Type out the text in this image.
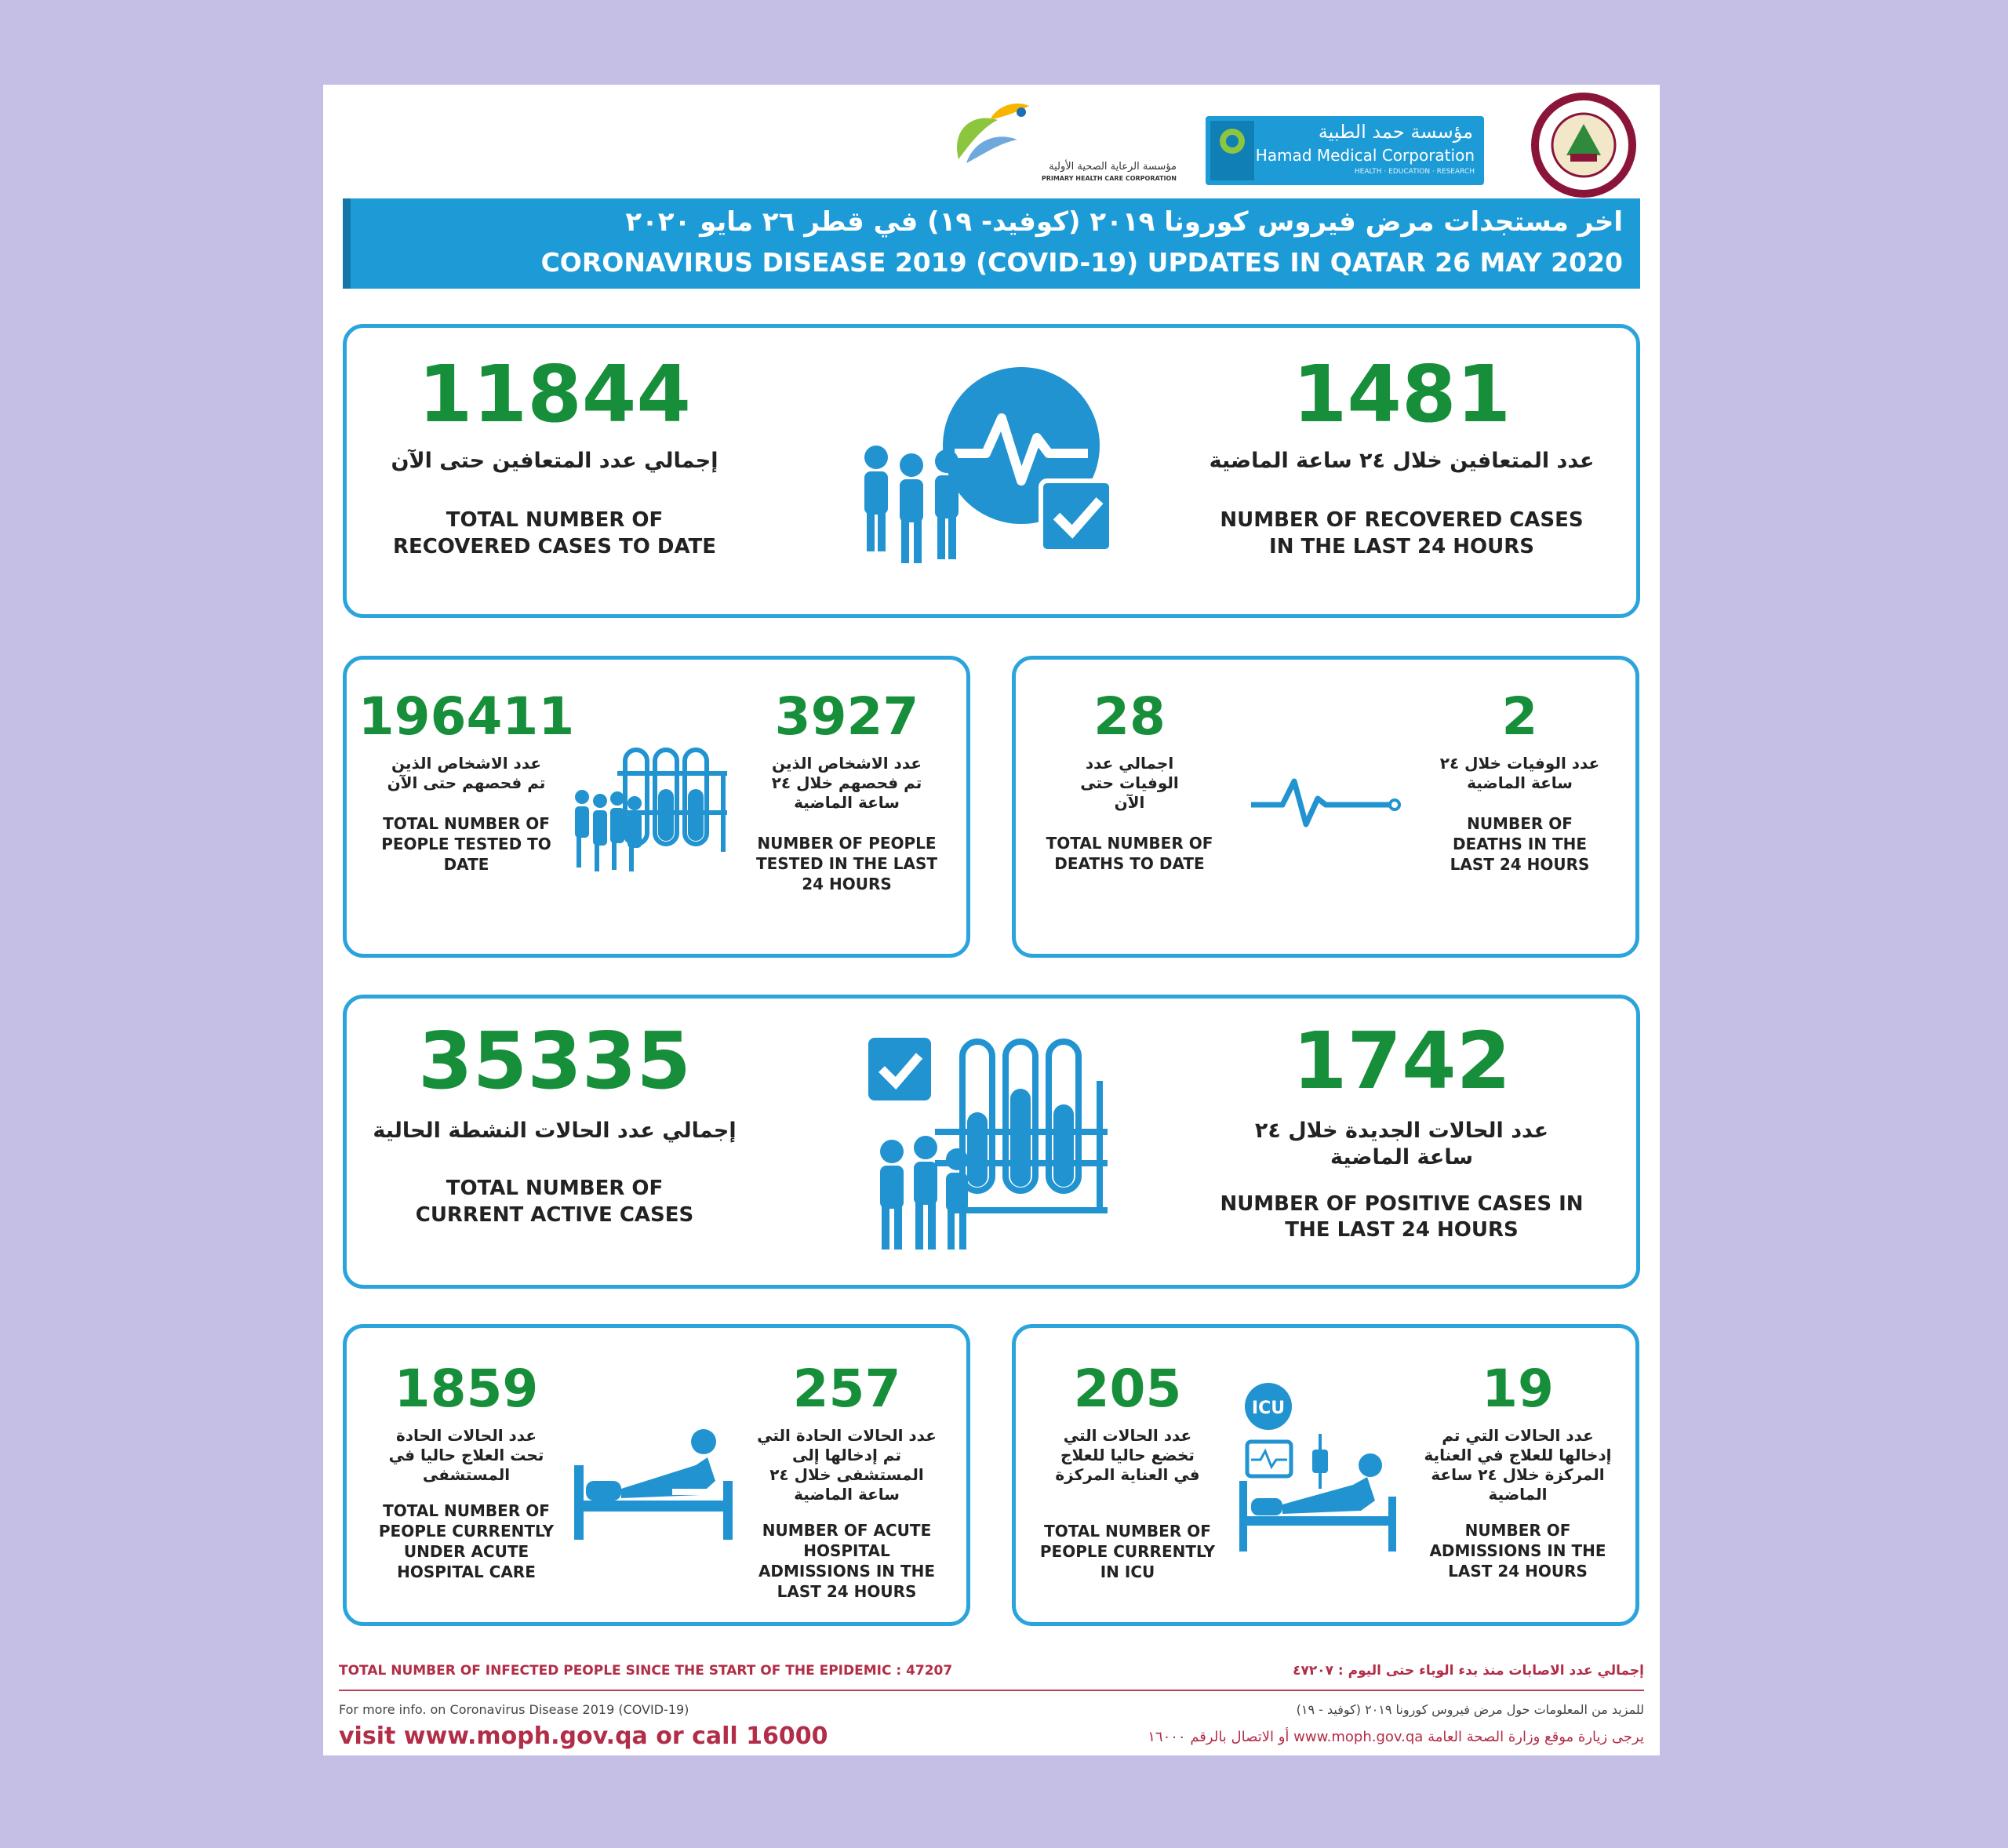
مؤسسة الرعاية الصحية الأولية
PRIMARY HEALTH CARE CORPORATION
مؤسسة حمد الطبية
Hamad Medical Corporation
HEALTH · EDUCATION · RESEARCH
اخر مستجدات مرض فيروس كورونا ٢٠١٩ (كوفيد- ١٩) في قطر ٢٦ مايو ٢٠٢٠
CORONAVIRUS DISEASE 2019 (COVID-19) UPDATES IN QATAR 26 MAY 2020
11844
إجمالي عدد المتعافين حتى الآن
TOTAL NUMBER OF RECOVERED CASES TO DATE
1481
عدد المتعافين خلال ٢٤ ساعة الماضية
NUMBER OF RECOVERED CASES IN THE LAST 24 HOURS
196411
عدد الاشخاص الذين تم فحصهم حتى الآن
TOTAL NUMBER OF PEOPLE TESTED TO DATE
3927
عدد الاشخاص الذين تم فحصهم خلال ٢٤ ساعة الماضية
NUMBER OF PEOPLE TESTED IN THE LAST 24 HOURS
28
اجمالي عدد الوفيات حتى الآن
TOTAL NUMBER OF DEATHS TO DATE
2
عدد الوفيات خلال ٢٤ ساعة الماضية
NUMBER OF DEATHS IN THE LAST 24 HOURS
35335
إجمالي عدد الحالات النشطة الحالية
TOTAL NUMBER OF CURRENT ACTIVE CASES
1742
عدد الحالات الجديدة خلال ٢٤ ساعة الماضية
NUMBER OF POSITIVE CASES IN THE LAST 24 HOURS
1859
عدد الحالات الحادة تحت العلاج حاليا في المستشفى
TOTAL NUMBER OF PEOPLE CURRENTLY UNDER ACUTE HOSPITAL CARE
257
عدد الحالات الحادة التي تم إدخالها إلى المستشفى خلال ٢٤ ساعة الماضية
NUMBER OF ACUTE HOSPITAL ADMISSIONS IN THE LAST 24 HOURS
205
عدد الحالات التي تخضع حاليا للعلاج في العناية المركزة
TOTAL NUMBER OF PEOPLE CURRENTLY IN ICU
ICU	19
عدد الحالات التي تم إدخالها للعلاج في العناية المركزة خلال ٢٤ ساعة الماضية
NUMBER OF ADMISSIONS IN THE LAST 24 HOURS
TOTAL NUMBER OF INFECTED PEOPLE SINCE THE START OF THE EPIDEMIC : 47207	إجمالي عدد الاصابات منذ بدء الوباء حتى اليوم : ٤٧٢٠٧
For more info. on Coronavirus Disease 2019 (COVID-19)	للمزيد من المعلومات حول مرض فيروس كورونا ٢٠١٩ (كوفيد - ١٩)
visit www.moph.gov.qa or call 16000	يرجى زيارة موقع وزارة الصحة العامة www.moph.gov.qa أو الاتصال بالرقم ١٦٠٠٠
